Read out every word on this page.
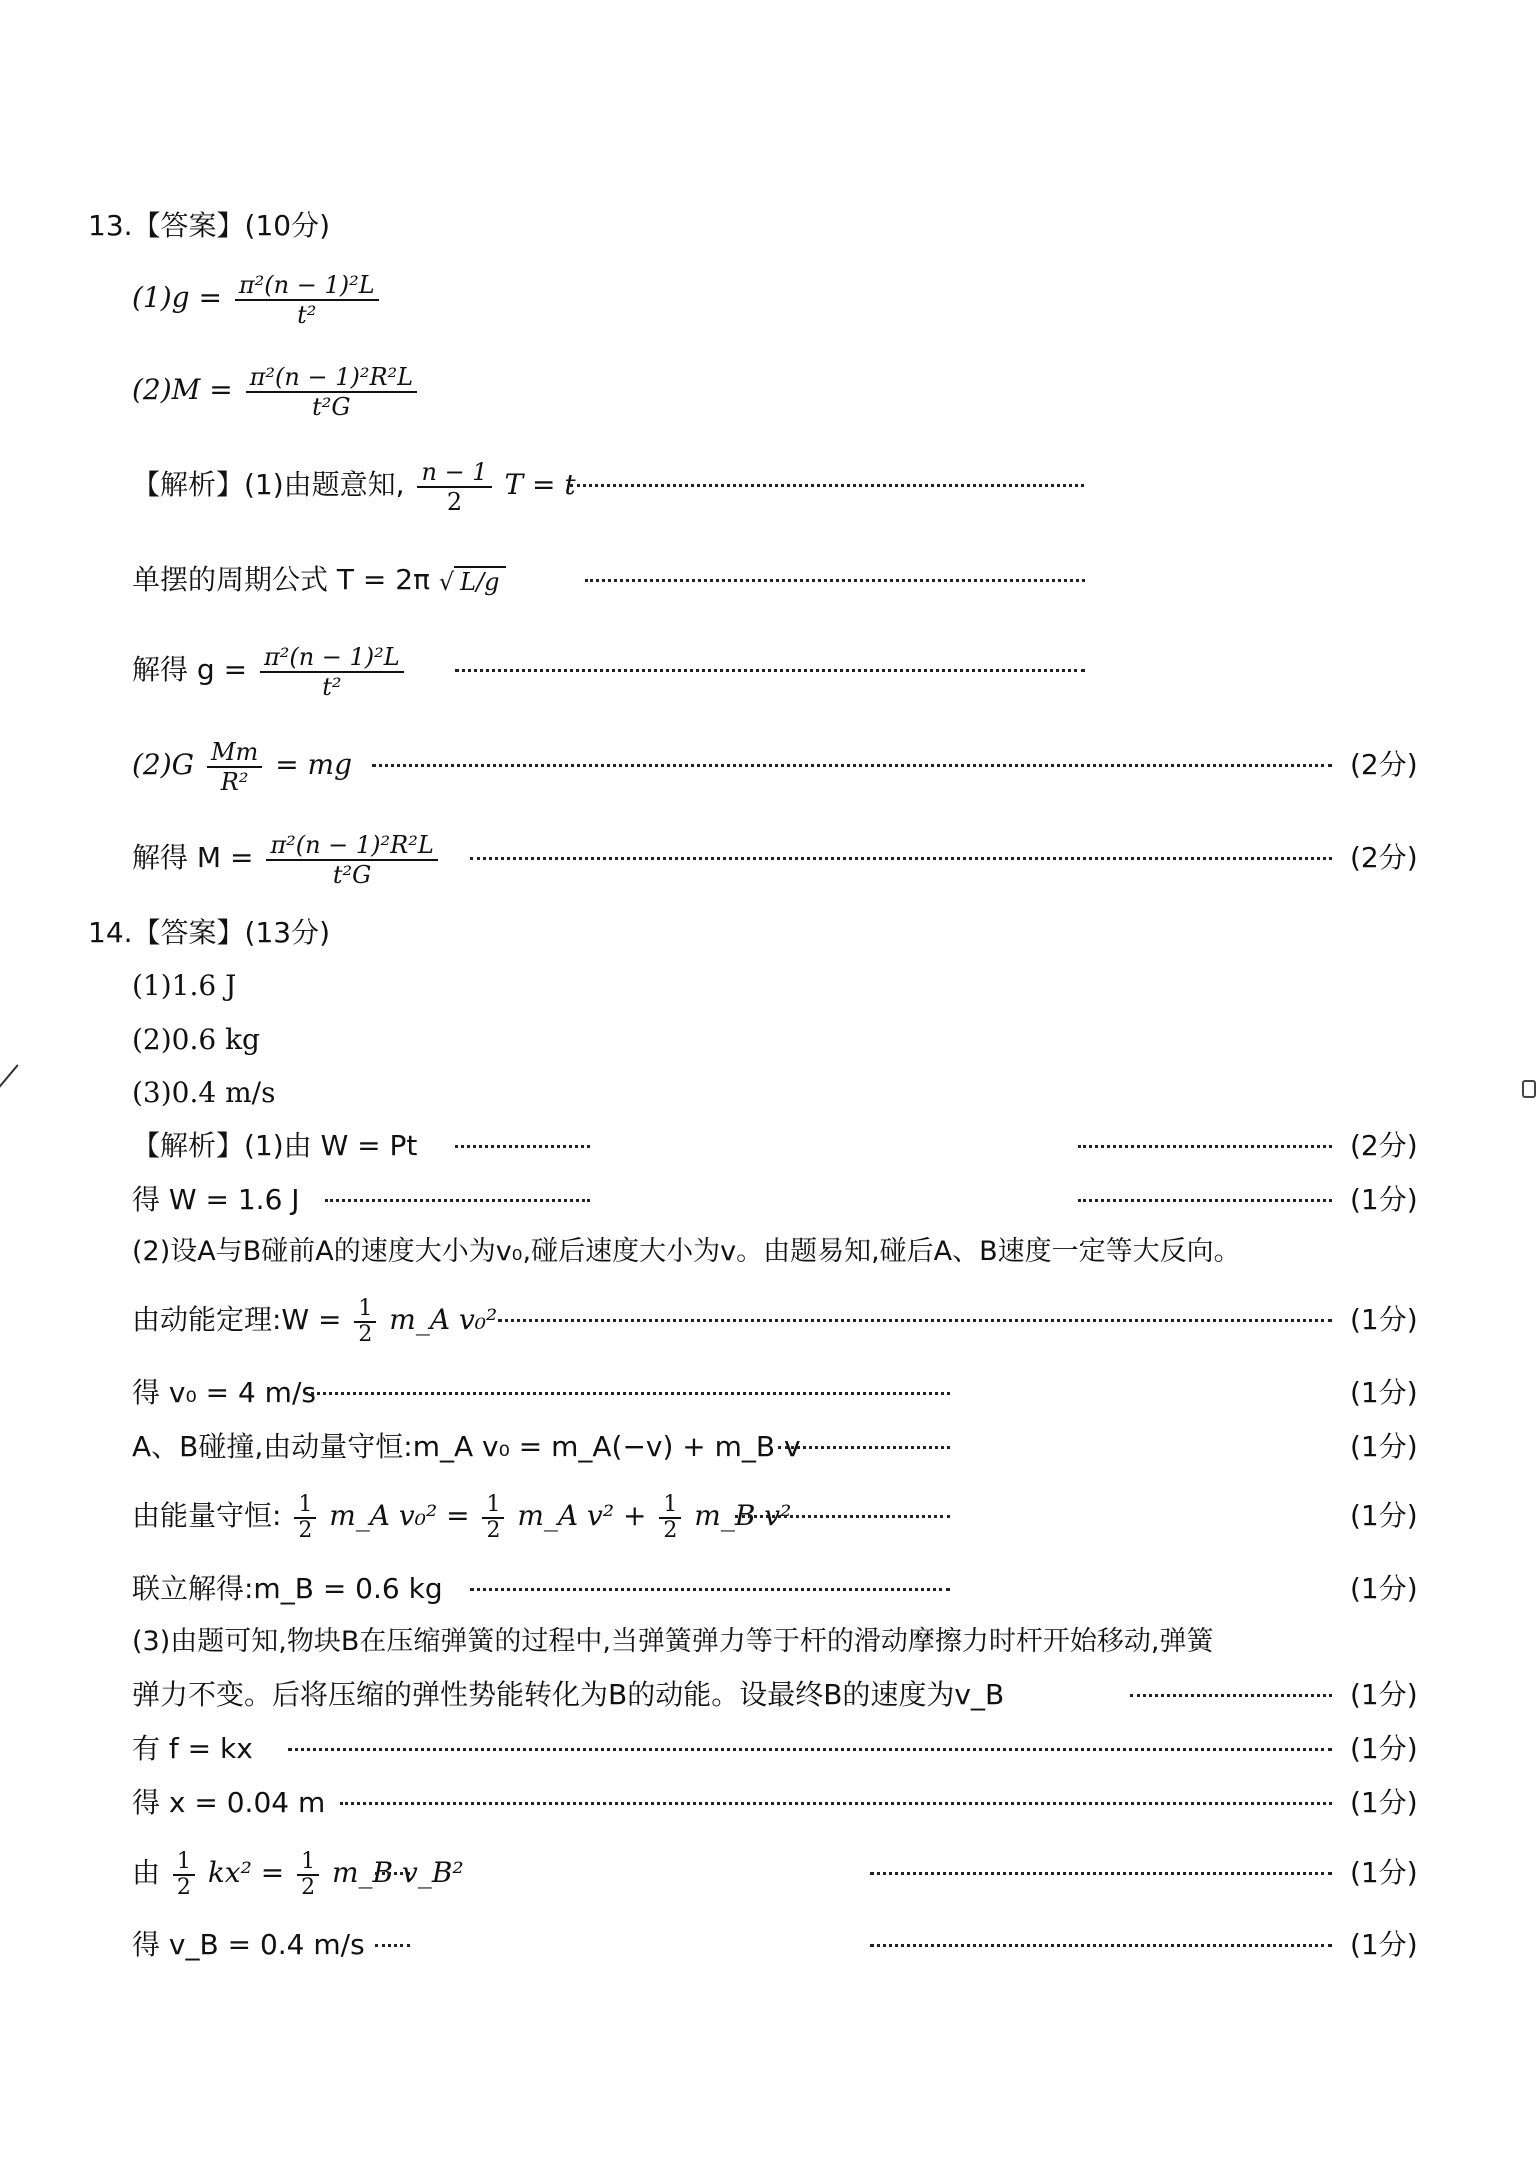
13.【答案】(10分)
$(1)g = \frac{\text{π²(n − 1)²L}}{\text{t²}}$
$(2)M = \frac{\text{π²(n − 1)²R²L}}{\text{t²G}}$
【解析】(1)由题意知, $\frac{n - 1}{2}$ T = t
单摆的周期公式 T = 2π √ L/g
解得 $g = \frac{\text{π²(n − 1)²L}}{\text{t²}}$
$(2)G \frac{Mm}{\text{R²}}$ = mg	(2分)
解得 $M = \frac{\text{π²(n − 1)²R²L}}{\text{t²G}}$	(2分)
14.【答案】(13分)
(1)1.6 J
(2)0.6 kg
(3)0.4 m/s
【解析】(1)由 W = Pt	(2分)
得 W = 1.6 J	(1分)
(2)设A与B碰前A的速度大小为v₀,碰后速度大小为v。由题易知,碰后A、B速度一定等大反向。
由动能定理:W = $\frac{1}{2}$ m_A v₀²	(1分)
得 v₀ = 4 m/s	(1分)
A、B碰撞,由动量守恒:m_A v₀ = m_A(−v) + m_B v	(1分)
由能量守恒: $\frac{1}{2}$ m_A $v_0^2 = \frac{1}{2}$ m_A $v^2 + \frac{1}{2}$ m_B v²	(1分)
联立解得:m_B = 0.6 kg	(1分)
(3)由题可知,物块B在压缩弹簧的过程中,当弹簧弹力等于杆的滑动摩擦力时杆开始移动,弹簧
弹力不变。后将压缩的弹性势能转化为B的动能。设最终B的速度为v_B	(1分)
有 f = kx	(1分)
得 x = 0.04 m	(1分)
由 $\frac{1}{2} kx^2 = \frac{1}{2}$ m_B v_B²	(1分)
得 v_B = 0.4 m/s	(1分)
